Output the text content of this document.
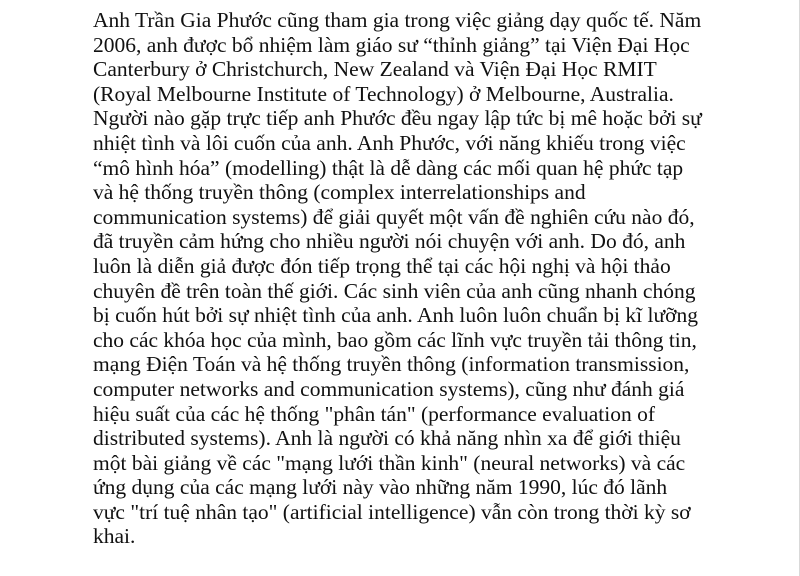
Anh Trần Gia Phước cũng tham gia trong việc giảng dạy quốc tế. Năm
2006, anh được bổ nhiệm làm giáo sư “thỉnh giảng” tại Viện Đại Học
Canterbury ở Christchurch, New Zealand và Viện Đại Học RMIT
(Royal Melbourne Institute of Technology) ở Melbourne, Australia.
Người nào gặp trực tiếp anh Phước đều ngay lập tức bị mê hoặc bởi sự
nhiệt tình và lôi cuốn của anh. Anh Phước, với năng khiếu trong việc
“mô hình hóa” (modelling) thật là dễ dàng các mối quan hệ phức tạp
và hệ thống truyền thông (complex interrelationships and
communication systems) để giải quyết một vấn đề nghiên cứu nào đó,
đã truyền cảm hứng cho nhiều người nói chuyện với anh. Do đó, anh
luôn là diễn giả được đón tiếp trọng thể tại các hội nghị và hội thảo
chuyên đề trên toàn thế giới. Các sinh viên của anh cũng nhanh chóng
bị cuốn hút bởi sự nhiệt tình của anh. Anh luôn luôn chuẩn bị kĩ lưỡng
cho các khóa học của mình, bao gồm các lĩnh vực truyền tải thông tin,
mạng Điện Toán và hệ thống truyền thông (information transmission,
computer networks and communication systems), cũng như đánh giá
hiệu suất của các hệ thống "phân tán" (performance evaluation of
distributed systems). Anh là người có khả năng nhìn xa để giới thiệu
một bài giảng về các "mạng lưới thần kinh" (neural networks) và các
ứng dụng của các mạng lưới này vào những năm 1990, lúc đó lãnh
vực "trí tuệ nhân tạo" (artificial intelligence) vẫn còn trong thời kỳ sơ
khai.
